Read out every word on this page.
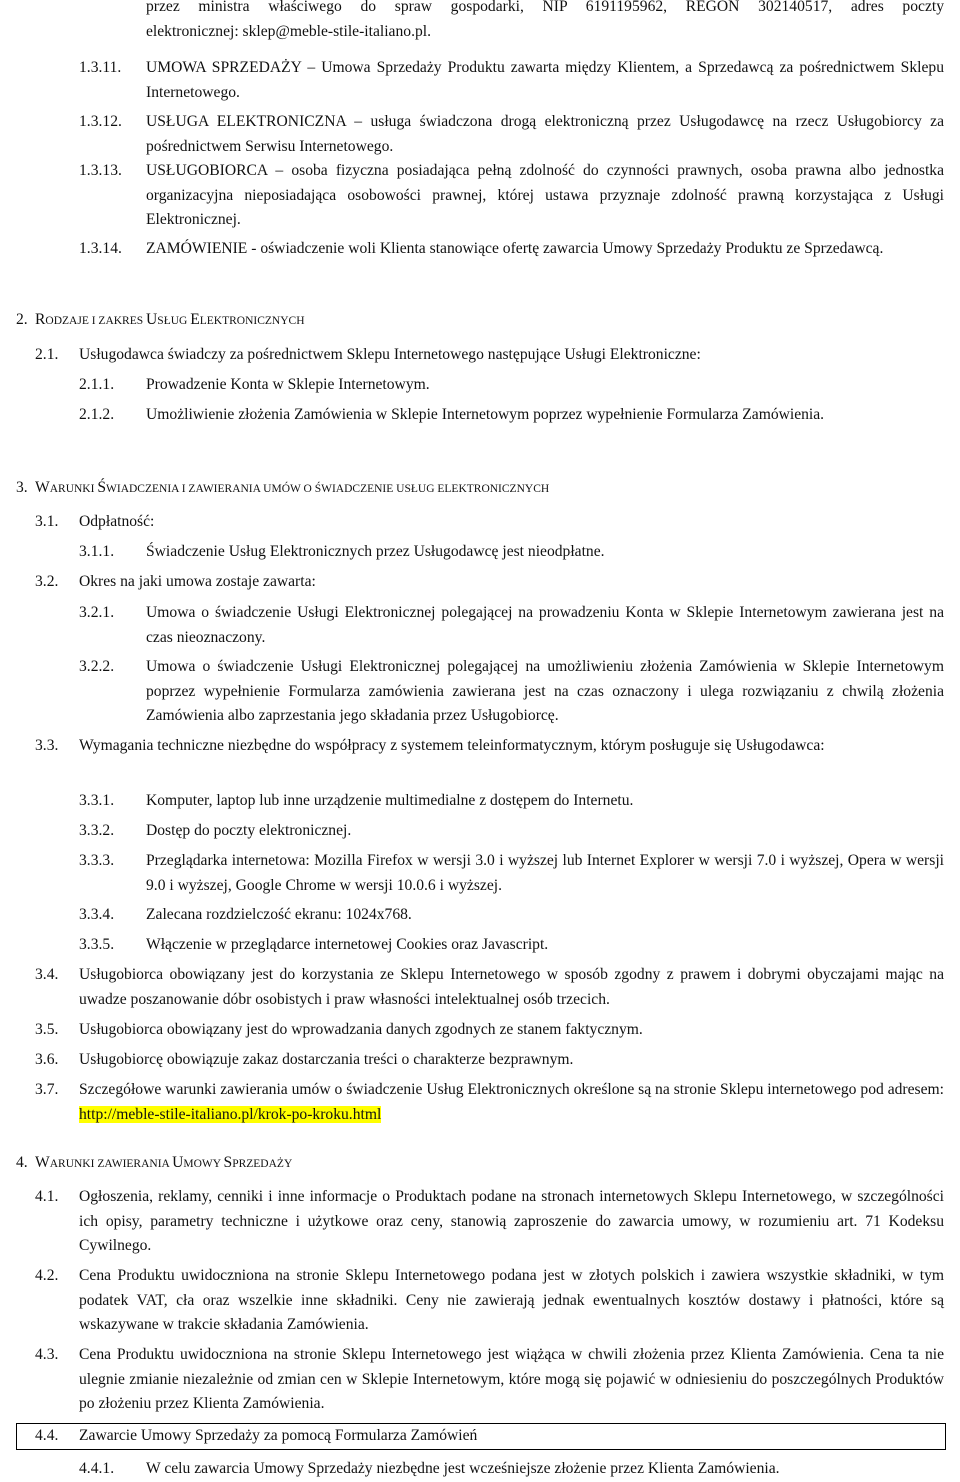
przez ministra właściwego do spraw gospodarki, NIP 6191195962, REGON 302140517, adres poczty
elektronicznej: sklep@meble-stile-italiano.pl.
1.3.11. UMOWA SPRZEDAŻY – Umowa Sprzedaży Produktu zawarta między Klientem, a Sprzedawcą za pośrednictwem Sklepu Internetowego.
1.3.12. USŁUGA ELEKTRONICZNA – usługa świadczona drogą elektroniczną przez Usługodawcę na rzecz Usługobiorcy za pośrednictwem Serwisu Internetowego.
1.3.13. USŁUGOBIORCA – osoba fizyczna posiadająca pełną zdolność do czynności prawnych, osoba prawna albo jednostka organizacyjna nieposiadająca osobowości prawnej, której ustawa przyznaje zdolność prawną korzystająca z Usługi Elektronicznej.
1.3.14. ZAMÓWIENIE - oświadczenie woli Klienta stanowiące ofertę zawarcia Umowy Sprzedaży Produktu ze Sprzedawcą.
2. RODZAJE I ZAKRES USŁUG ELEKTRONICZNYCH
2.1. Usługodawca świadczy za pośrednictwem Sklepu Internetowego następujące Usługi Elektroniczne:
2.1.1. Prowadzenie Konta w Sklepie Internetowym.
2.1.2. Umożliwienie złożenia Zamówienia w Sklepie Internetowym poprzez wypełnienie Formularza Zamówienia.
3. WARUNKI ŚWIADCZENIA I ZAWIERANIA UMÓW O ŚWIADCZENIE USŁUG ELEKTRONICZNYCH
3.1. Odpłatność:
3.1.1. Świadczenie Usług Elektronicznych przez Usługodawcę jest nieodpłatne.
3.2. Okres na jaki umowa zostaje zawarta:
3.2.1. Umowa o świadczenie Usługi Elektronicznej polegającej na prowadzeniu Konta w Sklepie Internetowym zawierana jest na czas nieoznaczony.
3.2.2. Umowa o świadczenie Usługi Elektronicznej polegającej na umożliwieniu złożenia Zamówienia w Sklepie Internetowym poprzez wypełnienie Formularza zamówienia zawierana jest na czas oznaczony i ulega rozwiązaniu z chwilą złożenia Zamówienia albo zaprzestania jego składania przez Usługobiorcę.
3.3. Wymagania techniczne niezbędne do współpracy z systemem teleinformatycznym, którym posługuje się Usługodawca:
3.3.1. Komputer, laptop lub inne urządzenie multimedialne z dostępem do Internetu.
3.3.2. Dostęp do poczty elektronicznej.
3.3.3. Przeglądarka internetowa: Mozilla Firefox w wersji 3.0 i wyższej lub Internet Explorer w wersji 7.0 i wyższej, Opera w wersji 9.0 i wyższej, Google Chrome w wersji 10.0.6 i wyższej.
3.3.4. Zalecana rozdzielczość ekranu: 1024x768.
3.3.5. Włączenie w przeglądarce internetowej Cookies oraz Javascript.
3.4. Usługobiorca obowiązany jest do korzystania ze Sklepu Internetowego w sposób zgodny z prawem i dobrymi obyczajami mając na uwadze poszanowanie dóbr osobistych i praw własności intelektualnej osób trzecich.
3.5. Usługobiorca obowiązany jest do wprowadzania danych zgodnych ze stanem faktycznym.
3.6. Usługobiorcę obowiązuje zakaz dostarczania treści o charakterze bezprawnym.
3.7. Szczegółowe warunki zawierania umów o świadczenie Usług Elektronicznych określone są na stronie Sklepu internetowego pod adresem: http://meble-stile-italiano.pl/krok-po-kroku.html
4. WARUNKI ZAWIERANIA UMOWY SPRZEDAŻY
4.1. Ogłoszenia, reklamy, cenniki i inne informacje o Produktach podane na stronach internetowych Sklepu Internetowego, w szczególności ich opisy, parametry techniczne i użytkowe oraz ceny, stanowią zaproszenie do zawarcia umowy, w rozumieniu art. 71 Kodeksu Cywilnego.
4.2. Cena Produktu uwidoczniona na stronie Sklepu Internetowego podana jest w złotych polskich i zawiera wszystkie składniki, w tym podatek VAT, cła oraz wszelkie inne składniki. Ceny nie zawierają jednak ewentualnych kosztów dostawy i płatności, które są wskazywane w trakcie składania Zamówienia.
4.3. Cena Produktu uwidoczniona na stronie Sklepu Internetowego jest wiążąca w chwili złożenia przez Klienta Zamówienia. Cena ta nie ulegnie zmianie niezależnie od zmian cen w Sklepie Internetowym, które mogą się pojawić w odniesieniu do poszczególnych Produktów po złożeniu przez Klienta Zamówienia.
4.4. Zawarcie Umowy Sprzedaży za pomocą Formularza Zamówień
4.4.1. W celu zawarcia Umowy Sprzedaży niezbędne jest wcześniejsze złożenie przez Klienta Zamówienia.
